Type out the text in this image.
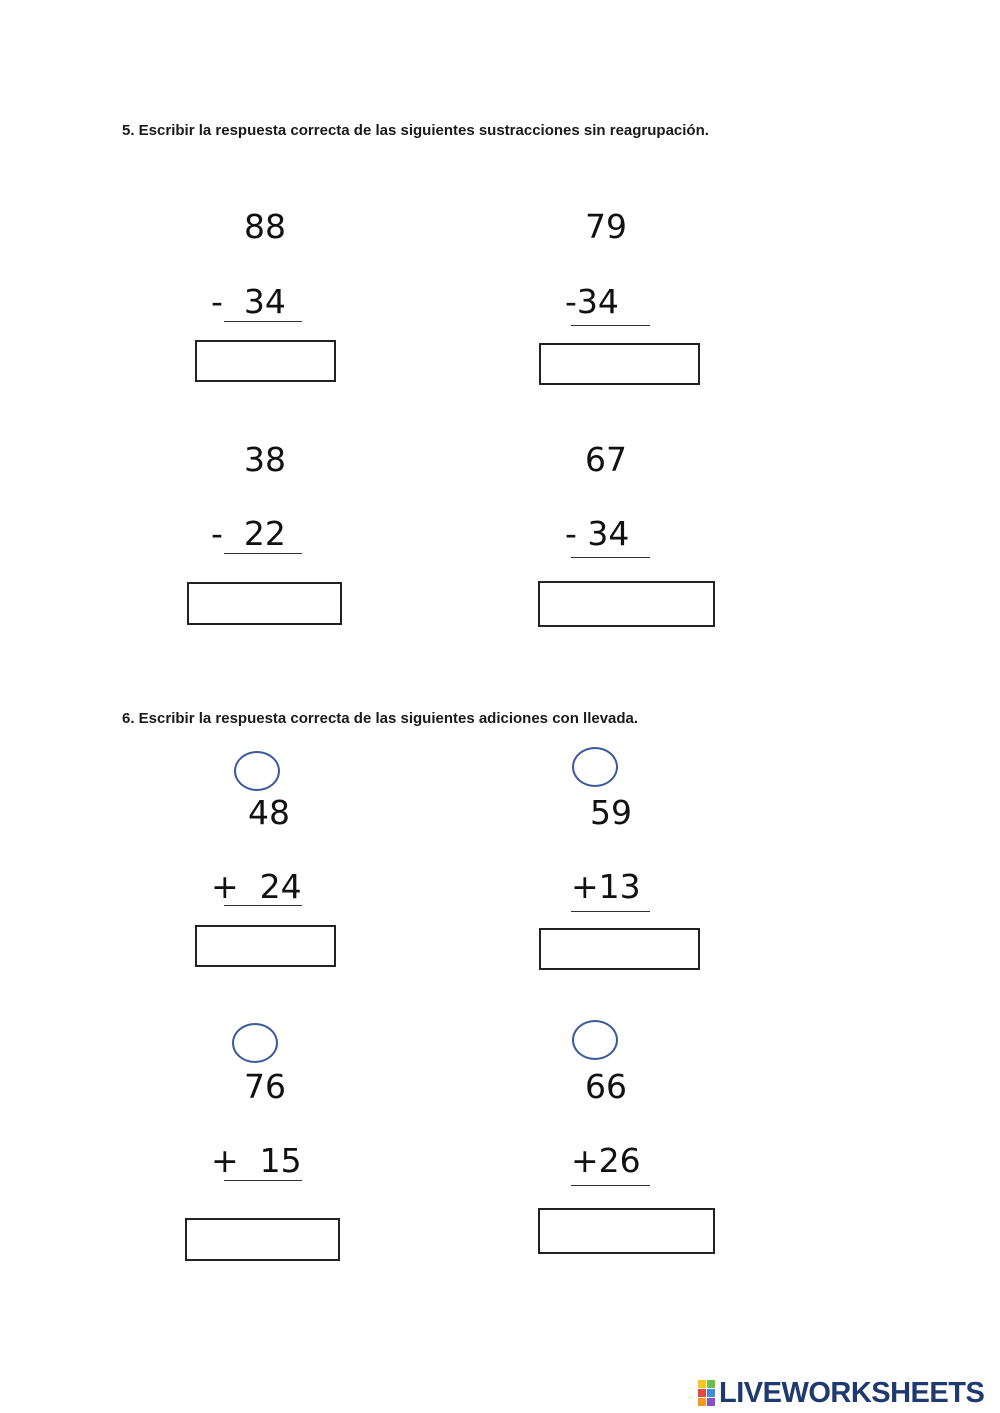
5. Escribir la respuesta correcta de las siguientes sustracciones sin reagrupación.
88
-  34
79
-34
38
-  22
67
- 34
6. Escribir la respuesta correcta de las siguientes adiciones con llevada.
48
+  24
59
+13
76
+  15
66
+26
LIVEWORKSHEETS
